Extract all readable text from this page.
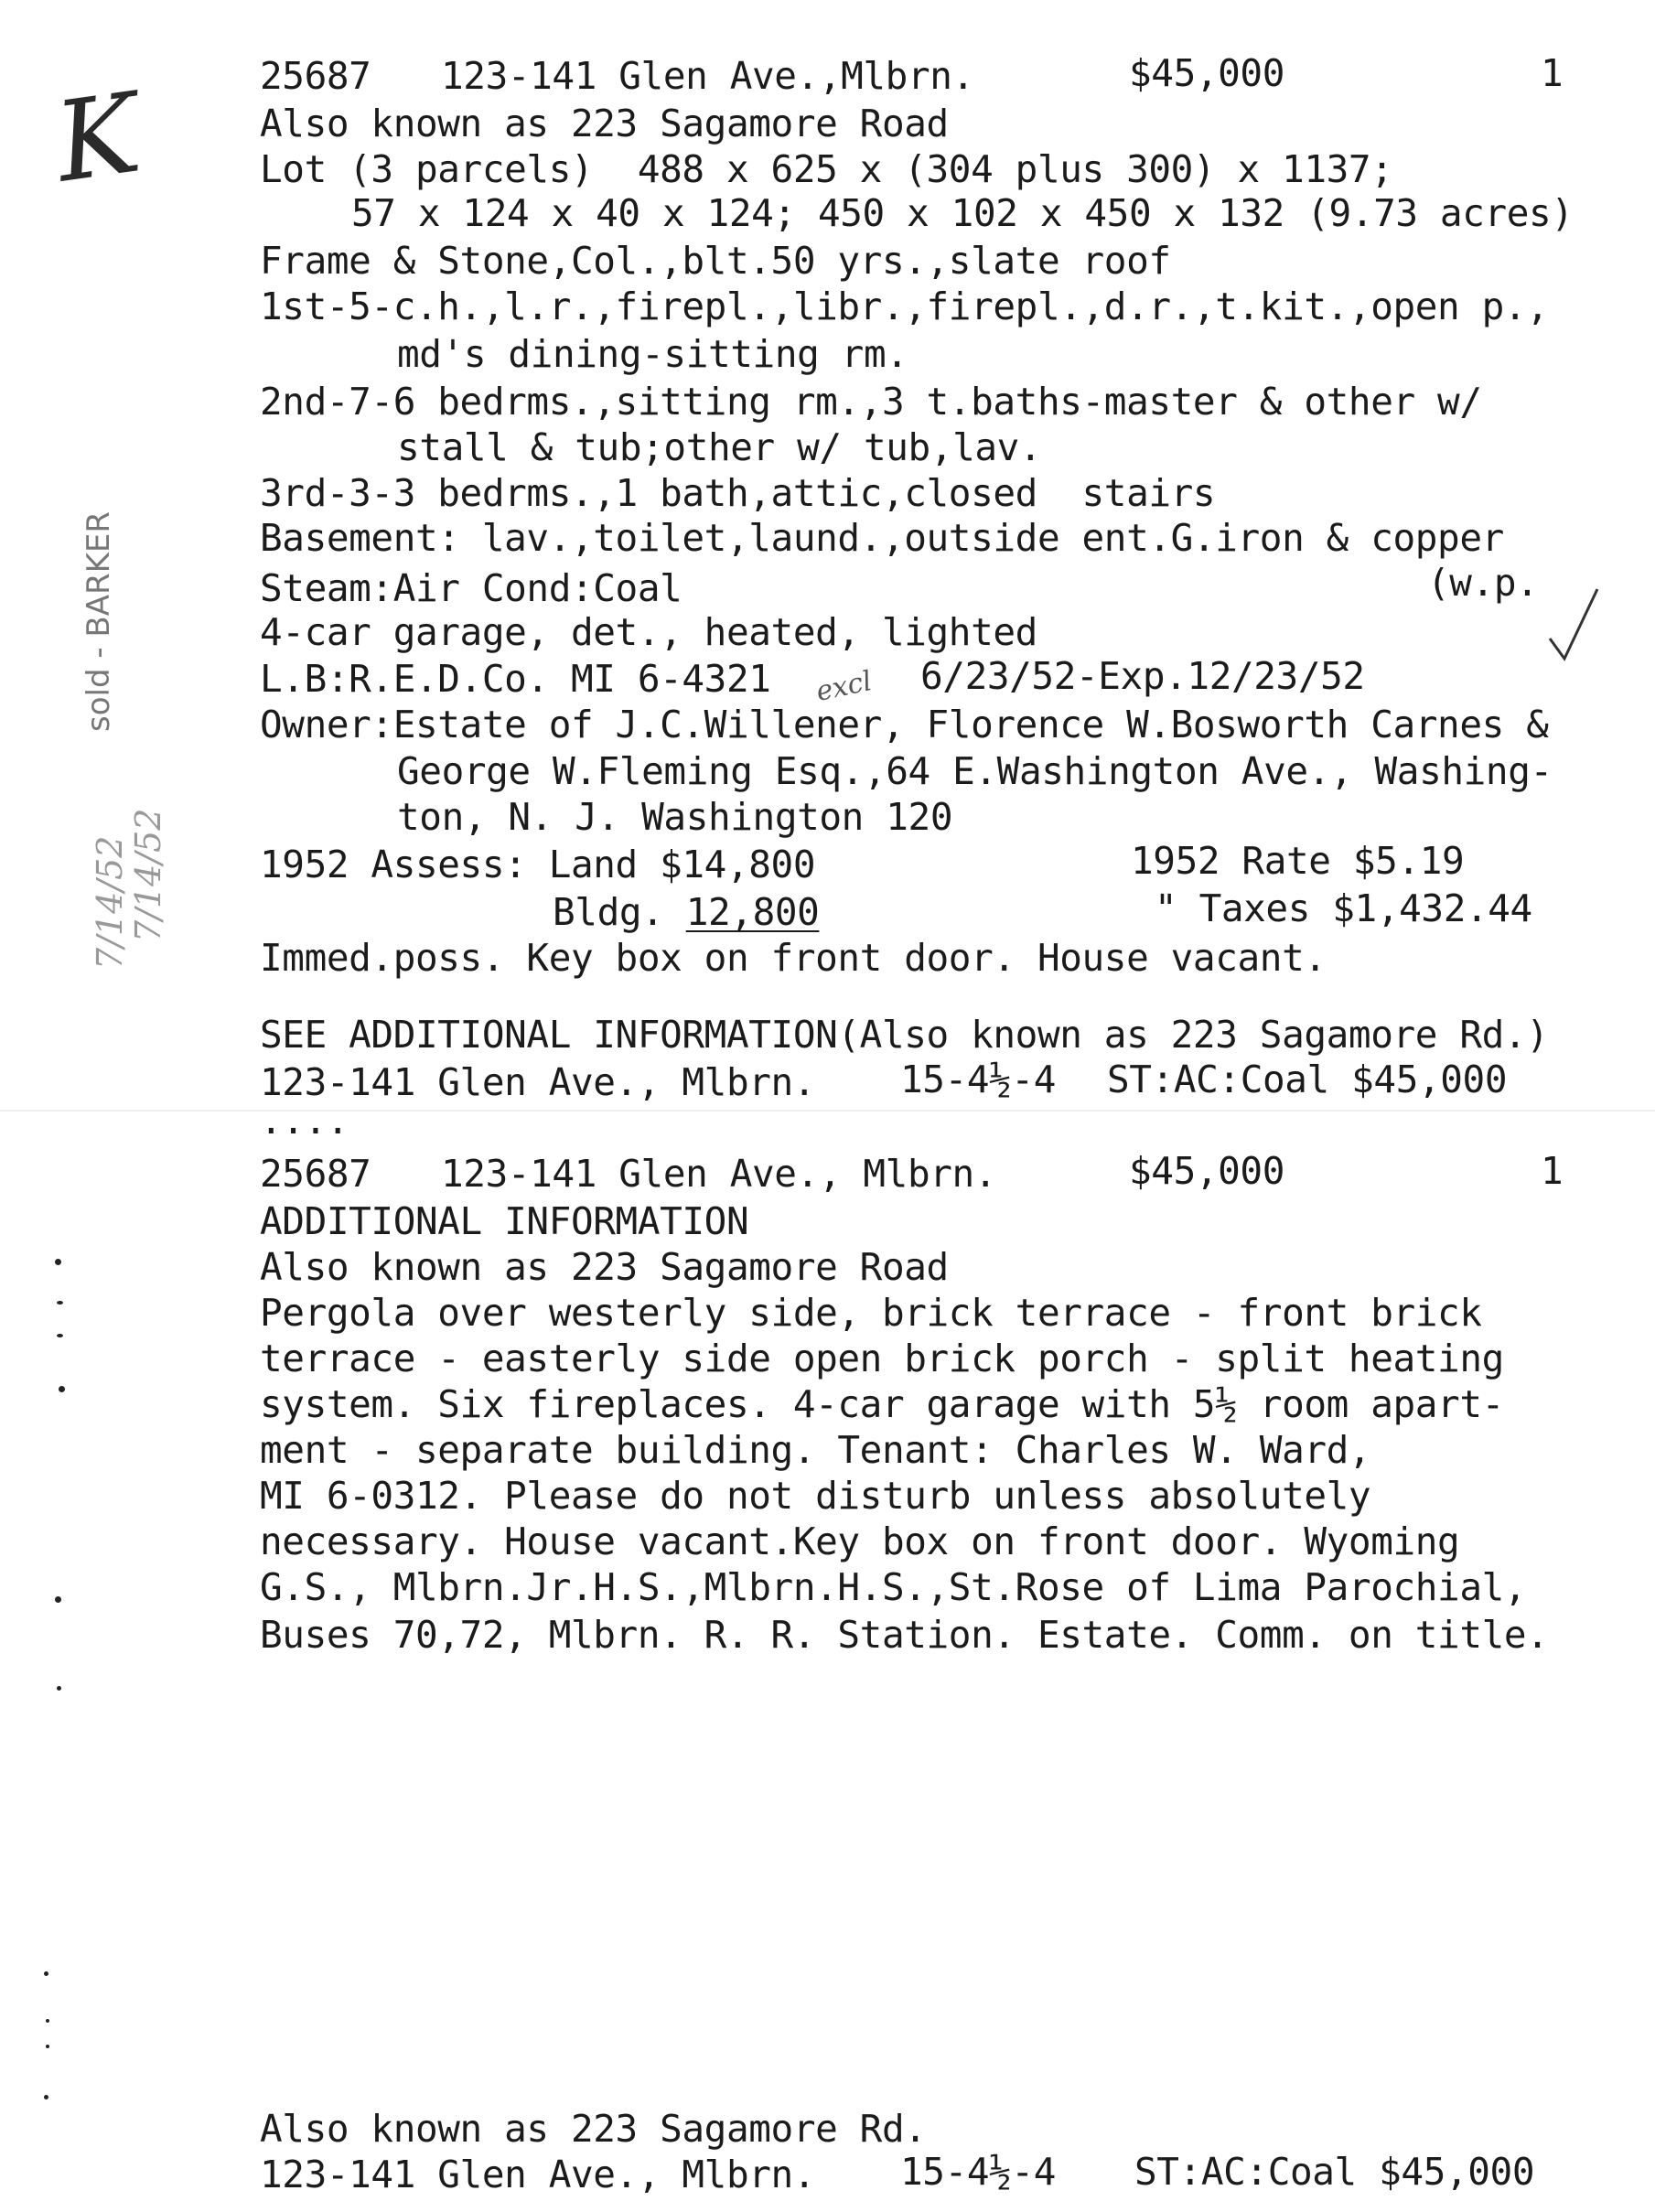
K
sold - BARKER
7/14/52
7/14/52
excl
25687 123-141 Glen Ave.,Mlbrn.	$45,000	1
Also known as 223 Sagamore Road
Lot (3 parcels)  488 x 625 x (304 plus 300) x 1137;
57 x 124 x 40 x 124; 450 x 102 x 450 x 132 (9.73 acres)
Frame & Stone,Col.,blt.50 yrs.,slate roof
1st-5-c.h.,l.r.,firepl.,libr.,firepl.,d.r.,t.kit.,open p.,
md's dining-sitting rm.
2nd-7-6 bedrms.,sitting rm.,3 t.baths-master & other w/
stall & tub;other w/ tub,lav.
3rd-3-3 bedrms.,1 bath,attic,closed  stairs
Basement: lav.,toilet,laund.,outside ent.G.iron & copper
Steam:Air Cond:Coal	(w.p.
4-car garage, det., heated, lighted
L.B:R.E.D.Co. MI 6-4321	6/23/52-Exp.12/23/52
Owner:Estate of J.C.Willener, Florence W.Bosworth Carnes &
George W.Fleming Esq.,64 E.Washington Ave., Washing-
ton, N. J. Washington 120
1952 Assess: Land $14,800	1952 Rate $5.19
Bldg. 12,800	" Taxes $1,432.44
Immed.poss. Key box on front door. House vacant.
SEE ADDITIONAL INFORMATION(Also known as 223 Sagamore Rd.)
123-141 Glen Ave., Mlbrn. 15-4½-4 ST:AC:Coal $45,000
....
25687 123-141 Glen Ave., Mlbrn.	$45,000	1
ADDITIONAL INFORMATION
Also known as 223 Sagamore Road
Pergola over westerly side, brick terrace - front brick
terrace - easterly side open brick porch - split heating
system. Six fireplaces. 4-car garage with 5½ room apart-
ment - separate building. Tenant: Charles W. Ward,
MI 6-0312. Please do not disturb unless absolutely
necessary. House vacant.Key box on front door. Wyoming
G.S., Mlbrn.Jr.H.S.,Mlbrn.H.S.,St.Rose of Lima Parochial,
Buses 70,72, Mlbrn. R. R. Station. Estate. Comm. on title.
Also known as 223 Sagamore Rd.
123-141 Glen Ave., Mlbrn. 15-4½-4 ST:AC:Coal $45,000
